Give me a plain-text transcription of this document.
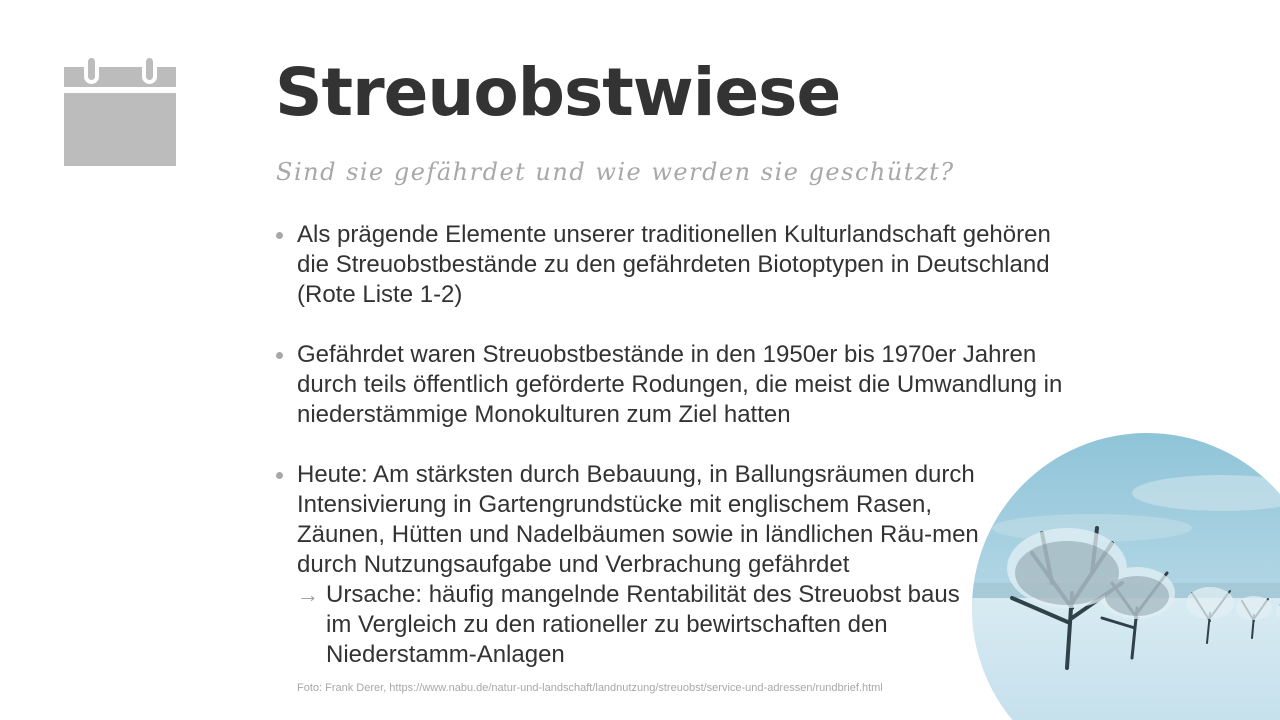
Streuobstwiese

Sind sie gefährdet und wie werden sie geschützt?

Als prägende Elemente unserer traditionellen Kulturlandschaft gehören die Streuobstbestände zu den gefährdeten Biotoptypen in Deutschland (Rote Liste 1-2)
Gefährdet waren Streuobstbestände in den 1950er bis 1970er Jahren durch teils öffentlich geförderte Rodungen, die meist die Umwandlung in niederstämmige Monokulturen zum Ziel hatten
Heute: Am stärksten durch Bebauung, in Ballungsräumen durch Intensivierung in Gartengrundstücke mit englischem Rasen, Zäunen, Hütten und Nadelbäumen sowie in ländlichen Räu-men durch Nutzungsaufgabe und Verbrachung gefährdet
→ Ursache: häufig mangelnde Rentabilität des Streuobst baus im Vergleich zu den rationeller zu bewirtschaften den Niederstamm-Anlagen

Foto: Frank Derer, https://www.nabu.de/natur-und-landschaft/landnutzung/streuobst/service-und-adressen/rundbrief.html
